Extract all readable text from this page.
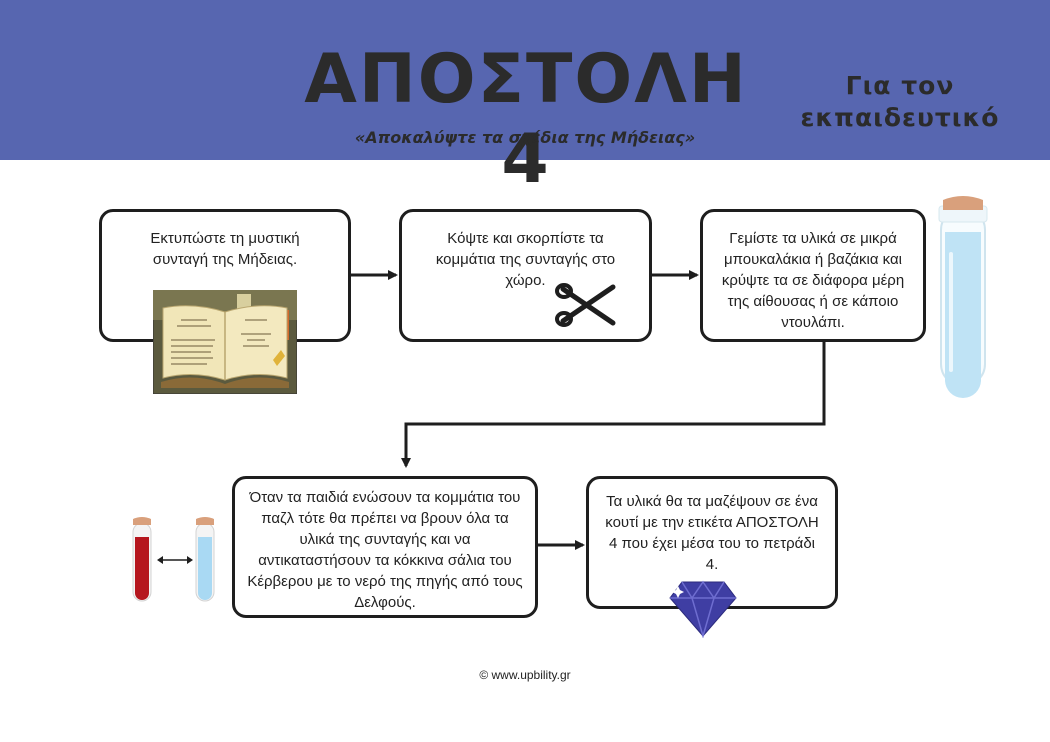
ΑΠΟΣΤΟΛΗ 4
«Αποκαλύψτε τα σχέδια της Μήδειας»
Για τον εκπαιδευτικό
Εκτυπώστε τη μυστική συνταγή της Μήδειας.
Κόψτε και σκορπίστε τα κομμάτια της συνταγής στο χώρο.
Γεμίστε τα υλικά σε μικρά μπουκαλάκια ή βαζάκια και κρύψτε τα σε διάφορα μέρη της αίθουσας ή σε κάποιο ντουλάπι.
Όταν τα παιδιά ενώσουν τα κομμάτια του παζλ τότε θα πρέπει να βρουν όλα τα υλικά της συνταγής και να αντικαταστήσουν τα κόκκινα σάλια του Κέρβερου με το νερό της πηγής από τους Δελφούς.
Τα υλικά θα τα μαζέψουν σε ένα κουτί με την ετικέτα ΑΠΟΣΤΟΛΗ 4 που έχει μέσα του το πετράδι 4.
© www.upbility.gr
